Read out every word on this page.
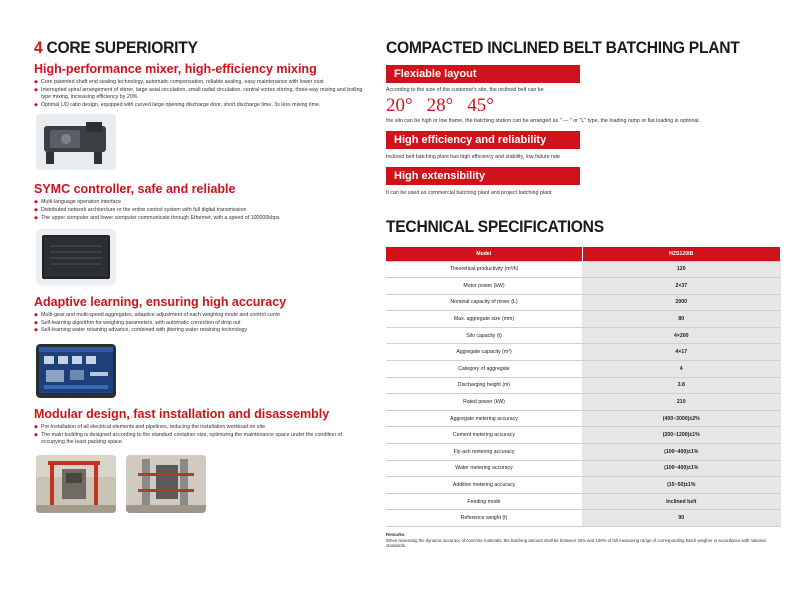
4 CORE SUPERIORITY
High-performance mixer, high-efficiency mixing
◆ Core patented shaft end sealing technology, automatic compensation, reliable sealing, easy maintenance with lower cost
◆ Interrupted spiral arrangement of stirrer, large axial circulation, small radial circulation, central vortex stirring, three-way mixing and boiling type mixing, increasing efficiency by 20%
◆ Optimal L/D ratio design, equipped with curved large opening discharge door, short discharge time, 3s less mixing time.
SYMC controller, safe and reliable
◆ Multi-language operation interface
◆ Distributed network architecture or the entire control system with full digital transmission
◆ The upper computer and lower computer communicate through Ethernet, with a speed of 100000kbps
Adaptive learning, ensuring high accuracy
◆ Multi-gear and multi-speed aggregates, adaptive adjustment of each weighing mode and control curve
◆ Self-learning algorithm for weighing parameters, with automatic correction of drop out
◆ Self-learning water retaining advance, combined with jittering water retaining technology
Modular design, fast installation and disassembly
◆ Pre-installation of all electrical elements and pipelines, reducing the installation workload on site
◆ The main building is designed according to the standard container size, optimizing the maintenance space under the condition of occupying the least packing space.
COMPACTED INCLINED BELT BATCHING PLANT
Flexiable layout
According to the size of the customer's site, the inclined belt can be
20° 28° 45°
the silo can be high or low frame, the batching station can be arranged as " — " or "L" type, the loading ramp or flat loading is optional.
High efficiency and reliability
Inclined belt batching plant has high efficiency and stability, low failure rate
High extensibility
It can be used as commercial batching plant and project batching plant
TECHNICAL SPECIFICATIONS
Model	HZS120IB
Theoretical productivity (m³/h)	120
Motor power (kW)	2×37
Nominal capacity of mixer (L)	2000
Max. aggregate size (mm)	80
Silo capacity (t)	4×200
Aggregate capacity (m³)	4×17
Category of aggregate	4
Discharging height (m)	3.8
Rated power (kW)	210
Aggregate metering accuracy	(400~3000)±2%
Cement metering accuracy	(200~1200)±1%
Fly-ash metering accuracy	(100~400)±1%
Water metering accuracy	(100~400)±1%
Additive metering accuracy	(15~50)±1%
Feeding mode	Inclined belt
Reference weight (t)	90
Remarks:
When assessing the dynamic accuracy of concrete materials, the batching amount shall be between 20% and 100% of full measuring range of corresponding batch weigher in accordance with national standards.
